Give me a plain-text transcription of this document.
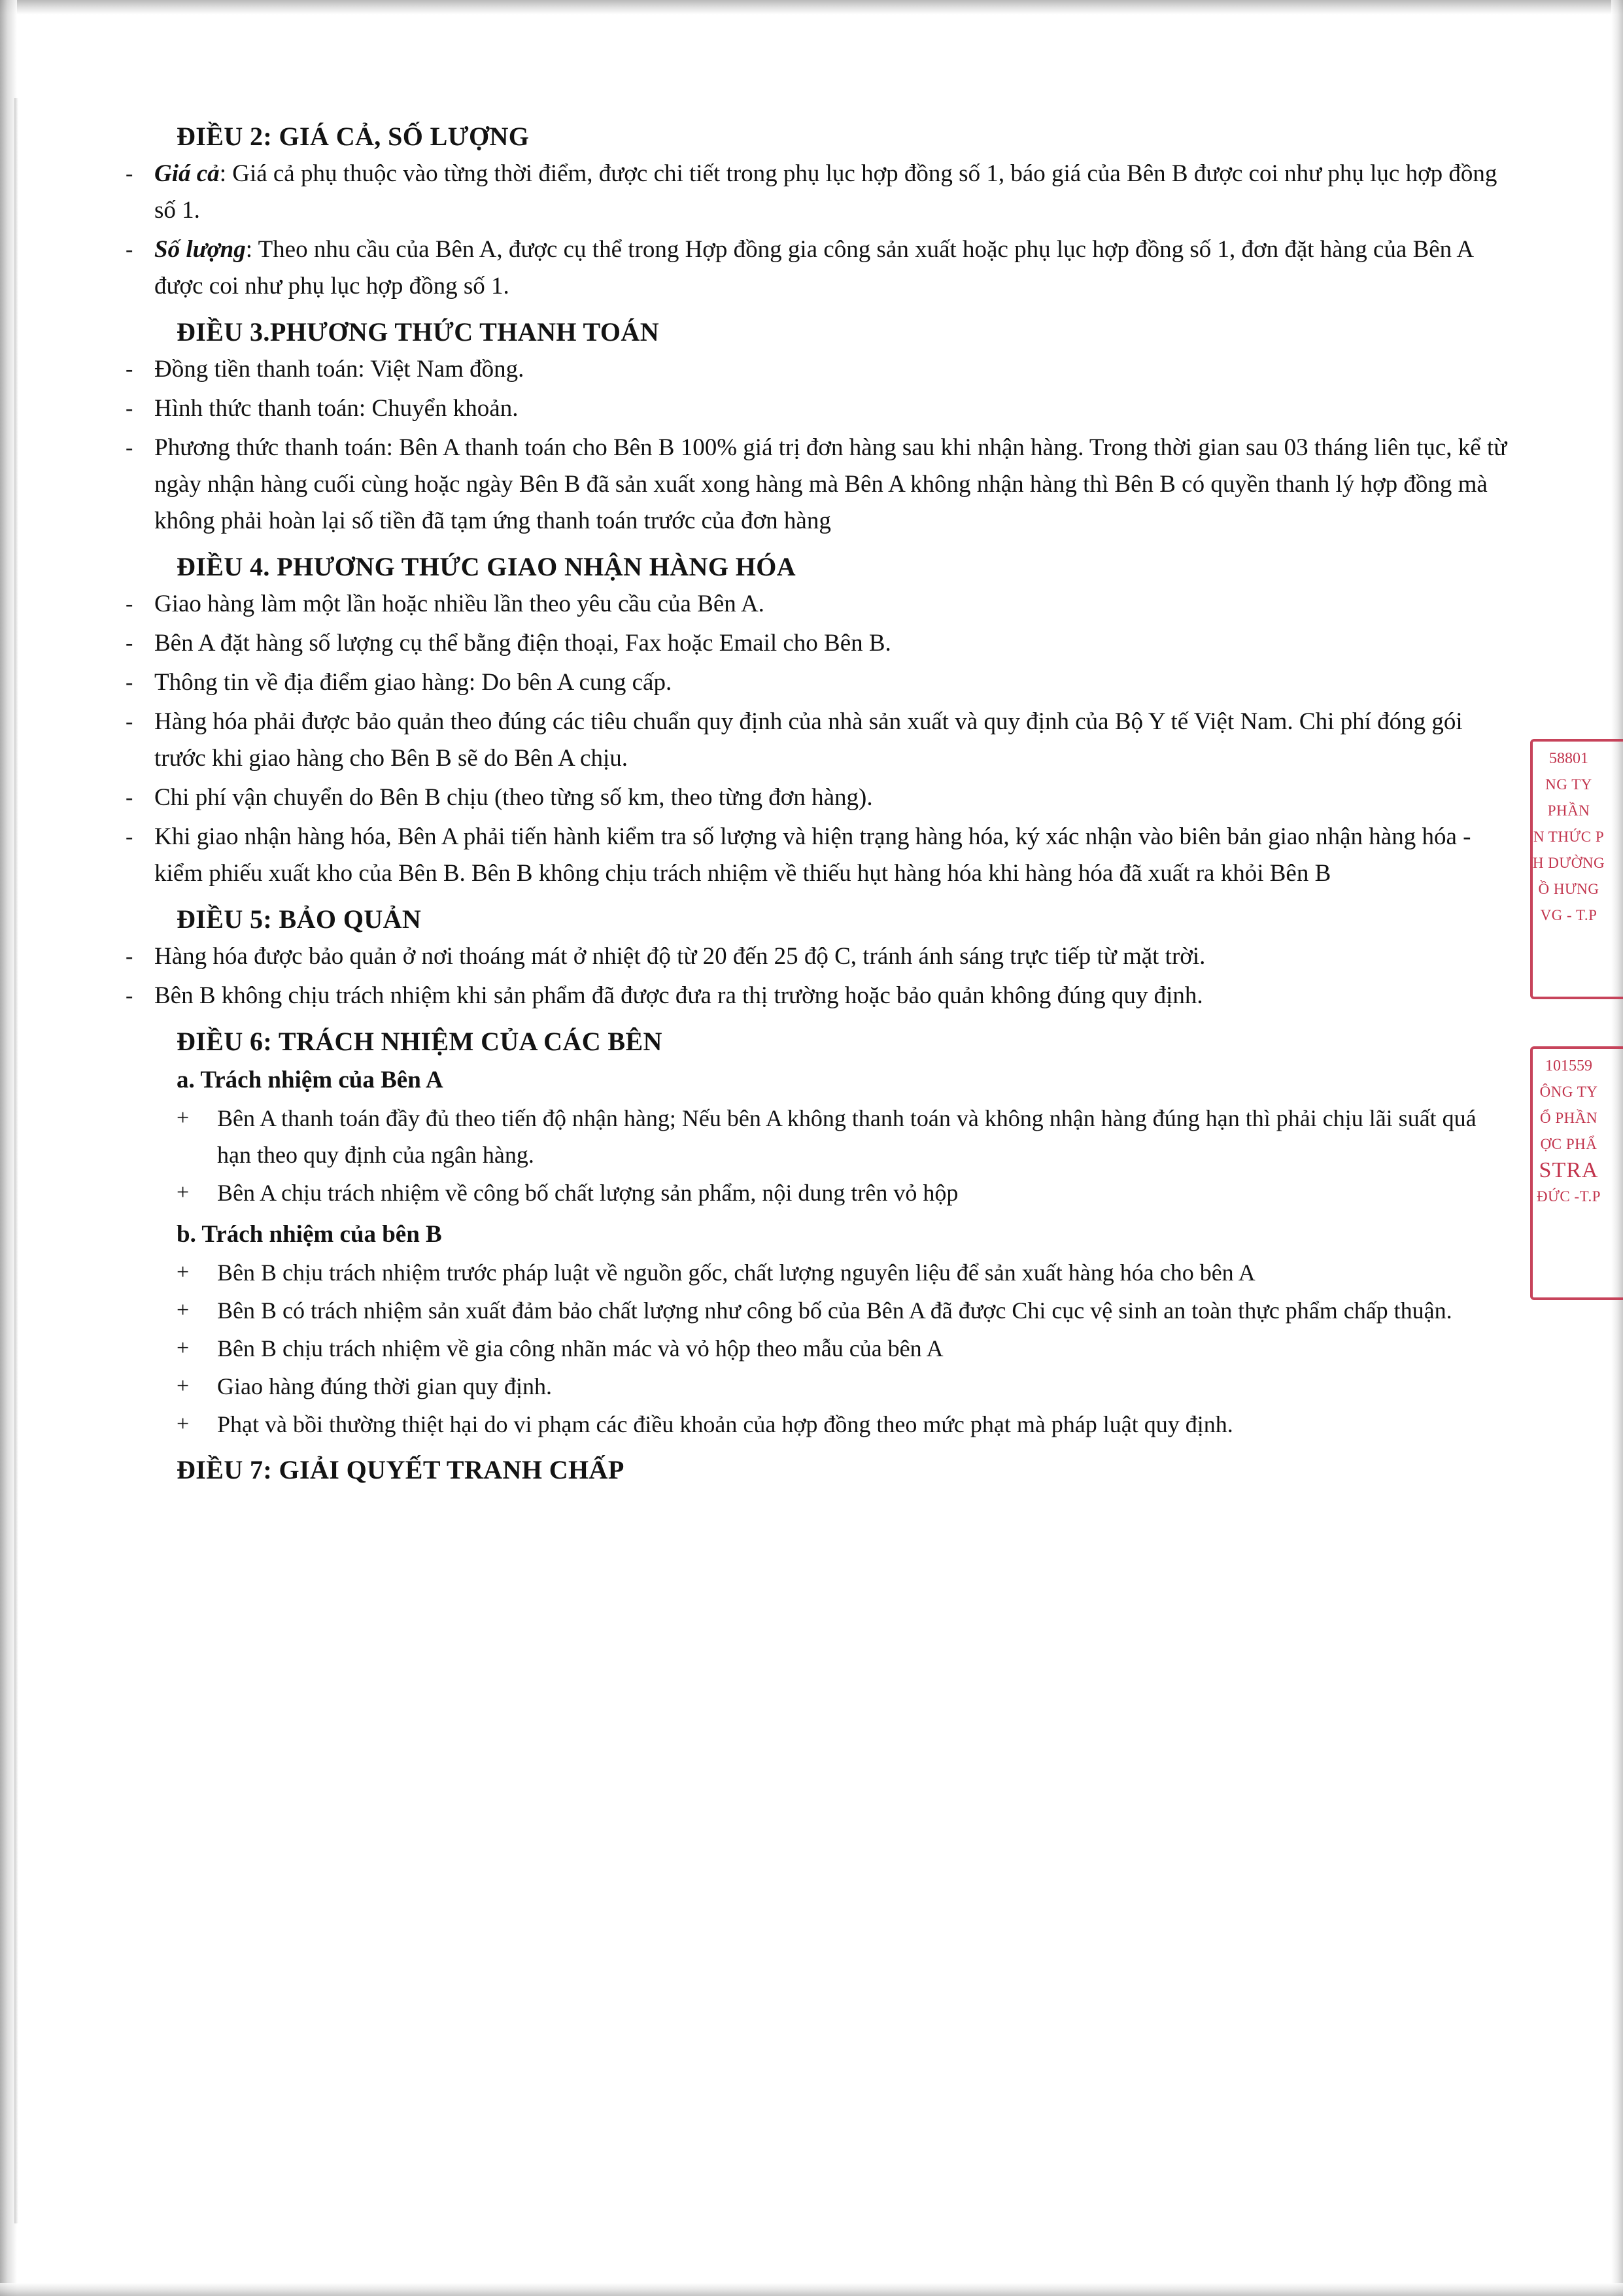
ĐIỀU 2: GIÁ CẢ, SỐ LƯỢNG
- Giá cả: Giá cả phụ thuộc vào từng thời điểm, được chi tiết trong phụ lục hợp đồng số 1, báo giá của Bên B được coi như phụ lục hợp đồng số 1.
- Số lượng: Theo nhu cầu của Bên A, được cụ thể trong Hợp đồng gia công sản xuất hoặc phụ lục hợp đồng số 1, đơn đặt hàng của Bên A được coi như phụ lục hợp đồng số 1.
ĐIỀU 3.PHƯƠNG THỨC THANH TOÁN
- Đồng tiền thanh toán: Việt Nam đồng.
- Hình thức thanh toán: Chuyển khoản.
- Phương thức thanh toán: Bên A thanh toán cho Bên B 100% giá trị đơn hàng sau khi nhận hàng. Trong thời gian sau 03 tháng liên tục, kể từ ngày nhận hàng cuối cùng hoặc ngày Bên B đã sản xuất xong hàng mà Bên A không nhận hàng thì Bên B có quyền thanh lý hợp đồng mà không phải hoàn lại số tiền đã tạm ứng thanh toán trước của đơn hàng
ĐIỀU 4. PHƯƠNG THỨC GIAO NHẬN HÀNG HÓA
- Giao hàng làm một lần hoặc nhiều lần theo yêu cầu của Bên A.
- Bên A đặt hàng số lượng cụ thể bằng điện thoại, Fax hoặc Email cho Bên B.
- Thông tin về địa điểm giao hàng: Do bên A cung cấp.
- Hàng hóa phải được bảo quản theo đúng các tiêu chuẩn quy định của nhà sản xuất và quy định của Bộ Y tế Việt Nam. Chi phí đóng gói trước khi giao hàng cho Bên B sẽ do Bên A chịu.
- Chi phí vận chuyển do Bên B chịu (theo từng số km, theo từng đơn hàng).
- Khi giao nhận hàng hóa, Bên A phải tiến hành kiểm tra số lượng và hiện trạng hàng hóa, ký xác nhận vào biên bản giao nhận hàng hóa - kiểm phiếu xuất kho của Bên B. Bên B không chịu trách nhiệm về thiếu hụt hàng hóa khi hàng hóa đã xuất ra khỏi Bên B
ĐIỀU 5: BẢO QUẢN
- Hàng hóa được bảo quản ở nơi thoáng mát ở nhiệt độ từ 20 đến 25 độ C, tránh ánh sáng trực tiếp từ mặt trời.
- Bên B không chịu trách nhiệm khi sản phẩm đã được đưa ra thị trường hoặc bảo quản không đúng quy định.
ĐIỀU 6: TRÁCH NHIỆM CỦA CÁC BÊN
a. Trách nhiệm của Bên A
+	Bên A thanh toán đầy đủ theo tiến độ nhận hàng; Nếu bên A không thanh toán và không nhận hàng đúng hạn thì phải chịu lãi suất quá hạn theo quy định của ngân hàng.
+	Bên A chịu trách nhiệm về công bố chất lượng sản phẩm, nội dung trên vỏ hộp
b. Trách nhiệm của bên B
+	Bên B chịu trách nhiệm trước pháp luật về nguồn gốc, chất lượng nguyên liệu để sản xuất hàng hóa cho bên A
+	Bên B có trách nhiệm sản xuất đảm bảo chất lượng như công bố của Bên A đã được Chi cục vệ sinh an toàn thực phẩm chấp thuận.
+	Bên B chịu trách nhiệm về gia công nhãn mác và vỏ hộp theo mẫu của bên A
+	Giao hàng đúng thời gian quy định.
+	Phạt và bồi thường thiệt hại do vi phạm các điều khoản của hợp đồng theo mức phạt mà pháp luật quy định.
ĐIỀU 7: GIẢI QUYẾT TRANH CHẤP
58801
NG TY
PHẦN
N THỨC P
H DƯỜNG
Ồ HƯNG
VG - T.P
101559
ÔNG TY
Ổ PHẦN
ỢC PHẨ
STRA
ĐỨC -T.P
